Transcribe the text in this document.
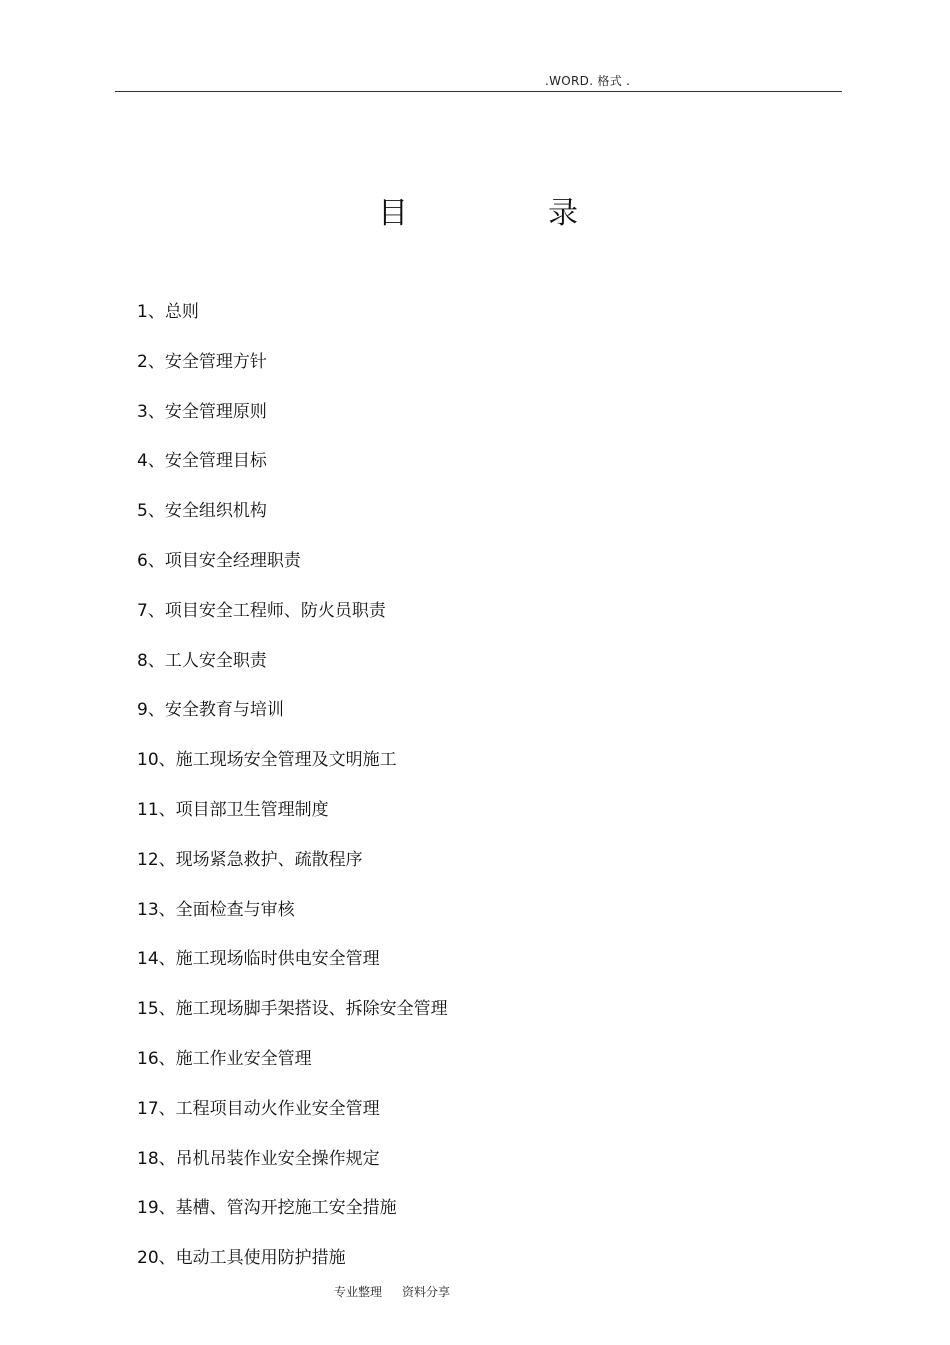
.WORD. 格式 .
目	录
1、总则
2、安全管理方针
3、安全管理原则
4、安全管理目标
5、安全组织机构
6、项目安全经理职责
7、项目安全工程师、防火员职责
8、工人安全职责
9、安全教育与培训
10、施工现场安全管理及文明施工
11、项目部卫生管理制度
12、现场紧急救护、疏散程序
13、全面检查与审核
14、施工现场临时供电安全管理
15、施工现场脚手架搭设、拆除安全管理
16、施工作业安全管理
17、工程项目动火作业安全管理
18、吊机吊装作业安全操作规定
19、基槽、管沟开挖施工安全措施
20、电动工具使用防护措施
专业整理 资料分享
